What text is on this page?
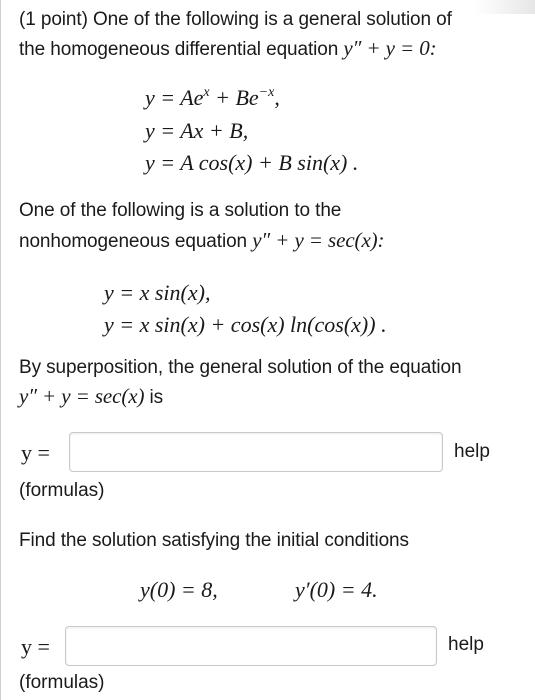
(1 point) One of the following is a general solution of
the homogeneous differential equation y″ + y = 0:
$y = Ae^x + Be^{-x}$,
y = Ax + B,
y = A cos(x) + B sin(x) .
One of the following is a solution to the
nonhomogeneous equation y″ + y = sec(x):
y = x sin(x),
y = x sin(x) + cos(x) ln(cos(x)) .
By superposition, the general solution of the equation
y″ + y = sec(x) is
y =	help
(formulas)
Find the solution satisfying the initial conditions
y(0) = 8,	y′(0) = 4.
y =	help
(formulas)
